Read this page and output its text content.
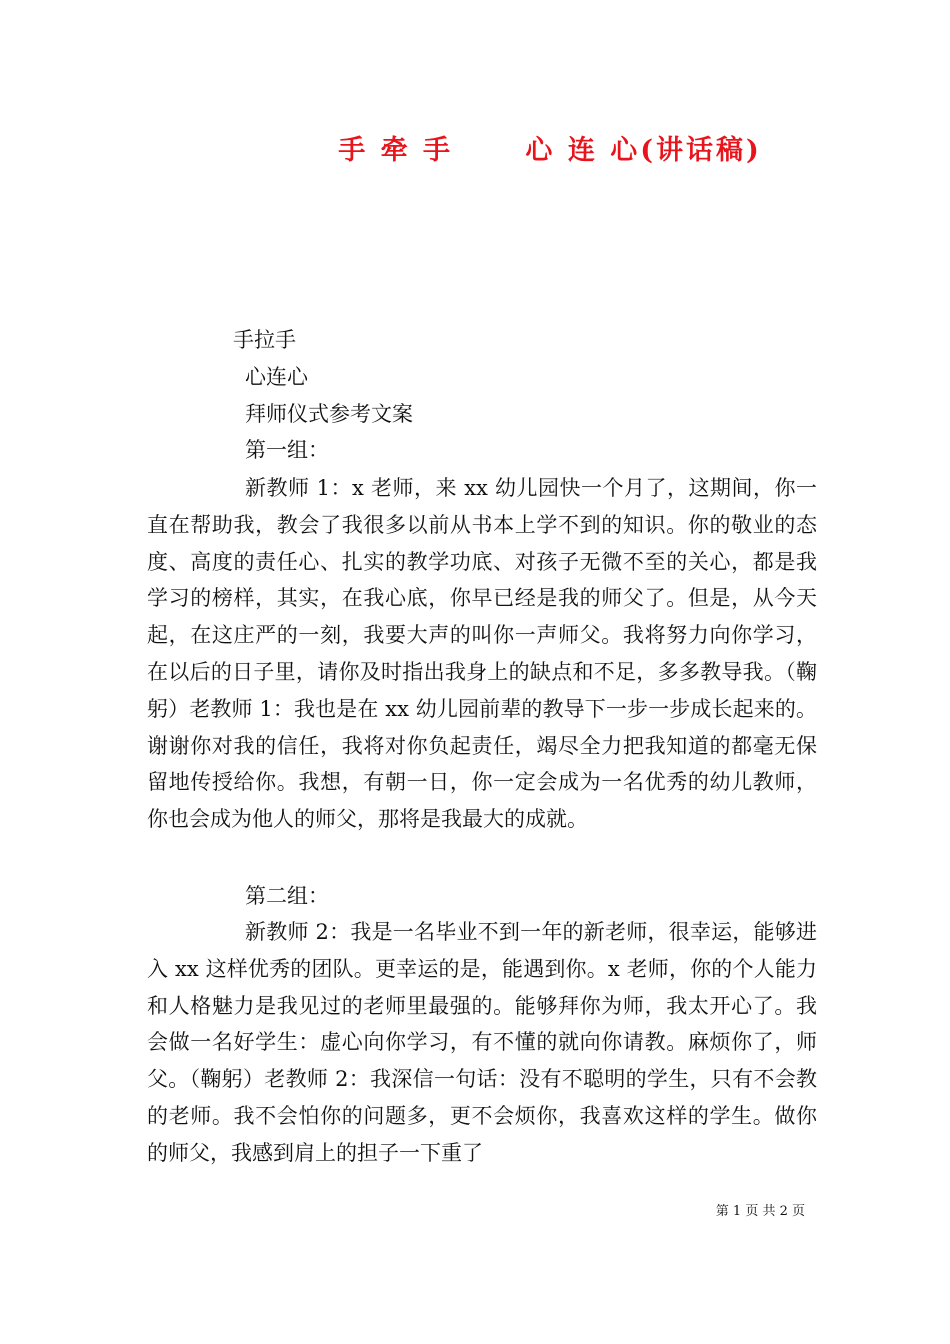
手 牵 手　　 心 连 心(讲话稿)
手拉手
心连心
拜师仪式参考文案
第一组：
新教师 1：x 老师，来 xx 幼儿园快一个月了，这期间，你一直在帮助我，教会了我很多以前从书本上学不到的知识。你的敬业的态度、高度的责任心、扎实的教学功底、对孩子无微不至的关心，都是我学习的榜样，其实，在我心底，你早已经是我的师父了。但是，从今天起，在这庄严的一刻，我要大声的叫你一声师父。我将努力向你学习，在以后的日子里，请你及时指出我身上的缺点和不足，多多教导我。（鞠躬）老教师 1：我也是在 xx 幼儿园前辈的教导下一步一步成长起来的。谢谢你对我的信任，我将对你负起责任，竭尽全力把我知道的都毫无保留地传授给你。我想，有朝一日，你一定会成为一名优秀的幼儿教师，你也会成为他人的师父，那将是我最大的成就。
第二组：
新教师 2：我是一名毕业不到一年的新老师，很幸运，能够进入 xx 这样优秀的团队。更幸运的是，能遇到你。x 老师，你的个人能力和人格魅力是我见过的老师里最强的。能够拜你为师，我太开心了。我会做一名好学生：虚心向你学习，有不懂的就向你请教。麻烦你了，师父。（鞠躬）老教师 2：我深信一句话：没有不聪明的学生，只有不会教的老师。我不会怕你的问题多，更不会烦你，我喜欢这样的学生。做你的师父，我感到肩上的担子一下重了
第 1 页 共 2 页
